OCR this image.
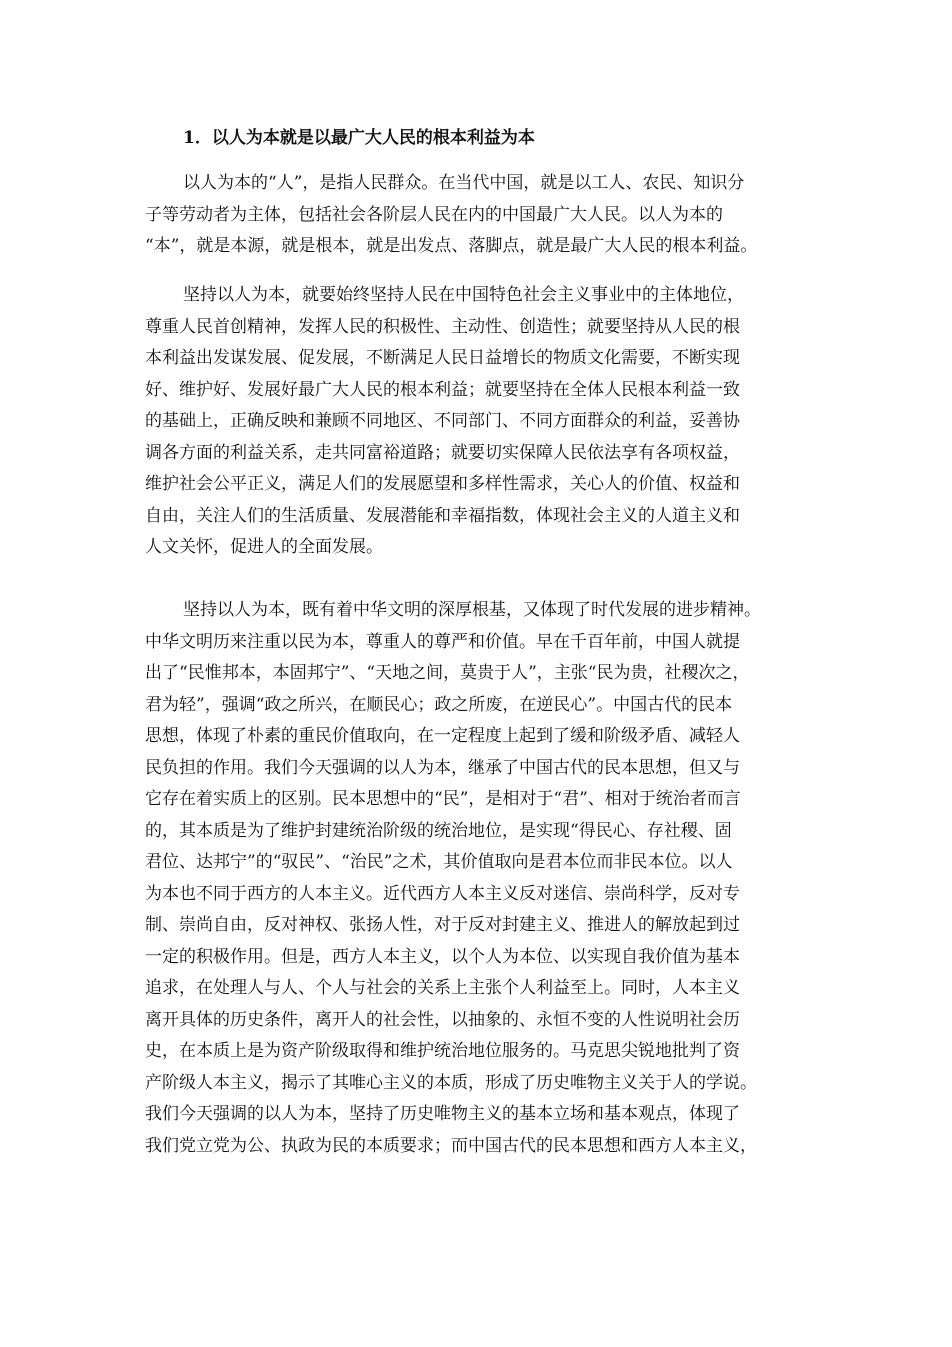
1．以人为本就是以最广大人民的根本利益为本
以人为本的“人”，是指人民群众。在当代中国，就是以工人、农民、知识分
子等劳动者为主体，包括社会各阶层人民在内的中国最广大人民。以人为本的
“本”，就是本源，就是根本，就是出发点、落脚点，就是最广大人民的根本利益。
坚持以人为本，就要始终坚持人民在中国特色社会主义事业中的主体地位，
尊重人民首创精神，发挥人民的积极性、主动性、创造性；就要坚持从人民的根
本利益出发谋发展、促发展，不断满足人民日益增长的物质文化需要，不断实现
好、维护好、发展好最广大人民的根本利益；就要坚持在全体人民根本利益一致
的基础上，正确反映和兼顾不同地区、不同部门、不同方面群众的利益，妥善协
调各方面的利益关系，走共同富裕道路；就要切实保障人民依法享有各项权益，
维护社会公平正义，满足人们的发展愿望和多样性需求，关心人的价值、权益和
自由，关注人们的生活质量、发展潜能和幸福指数，体现社会主义的人道主义和
人文关怀，促进人的全面发展。
坚持以人为本，既有着中华文明的深厚根基，又体现了时代发展的进步精神。
中华文明历来注重以民为本，尊重人的尊严和价值。早在千百年前，中国人就提
出了“民惟邦本，本固邦宁”、“天地之间，莫贵于人”，主张“民为贵，社稷次之，
君为轻”，强调“政之所兴，在顺民心；政之所废，在逆民心”。中国古代的民本
思想，体现了朴素的重民价值取向，在一定程度上起到了缓和阶级矛盾、减轻人
民负担的作用。我们今天强调的以人为本，继承了中国古代的民本思想，但又与
它存在着实质上的区别。民本思想中的“民”，是相对于“君”、相对于统治者而言
的，其本质是为了维护封建统治阶级的统治地位，是实现“得民心、存社稷、固
君位、达邦宁”的“驭民”、“治民”之术，其价值取向是君本位而非民本位。以人
为本也不同于西方的人本主义。近代西方人本主义反对迷信、崇尚科学，反对专
制、崇尚自由，反对神权、张扬人性，对于反对封建主义、推进人的解放起到过
一定的积极作用。但是，西方人本主义，以个人为本位、以实现自我价值为基本
追求，在处理人与人、个人与社会的关系上主张个人利益至上。同时，人本主义
离开具体的历史条件，离开人的社会性，以抽象的、永恒不变的人性说明社会历
史，在本质上是为资产阶级取得和维护统治地位服务的。马克思尖锐地批判了资
产阶级人本主义，揭示了其唯心主义的本质，形成了历史唯物主义关于人的学说。
我们今天强调的以人为本，坚持了历史唯物主义的基本立场和基本观点，体现了
我们党立党为公、执政为民的本质要求；而中国古代的民本思想和西方人本主义，
